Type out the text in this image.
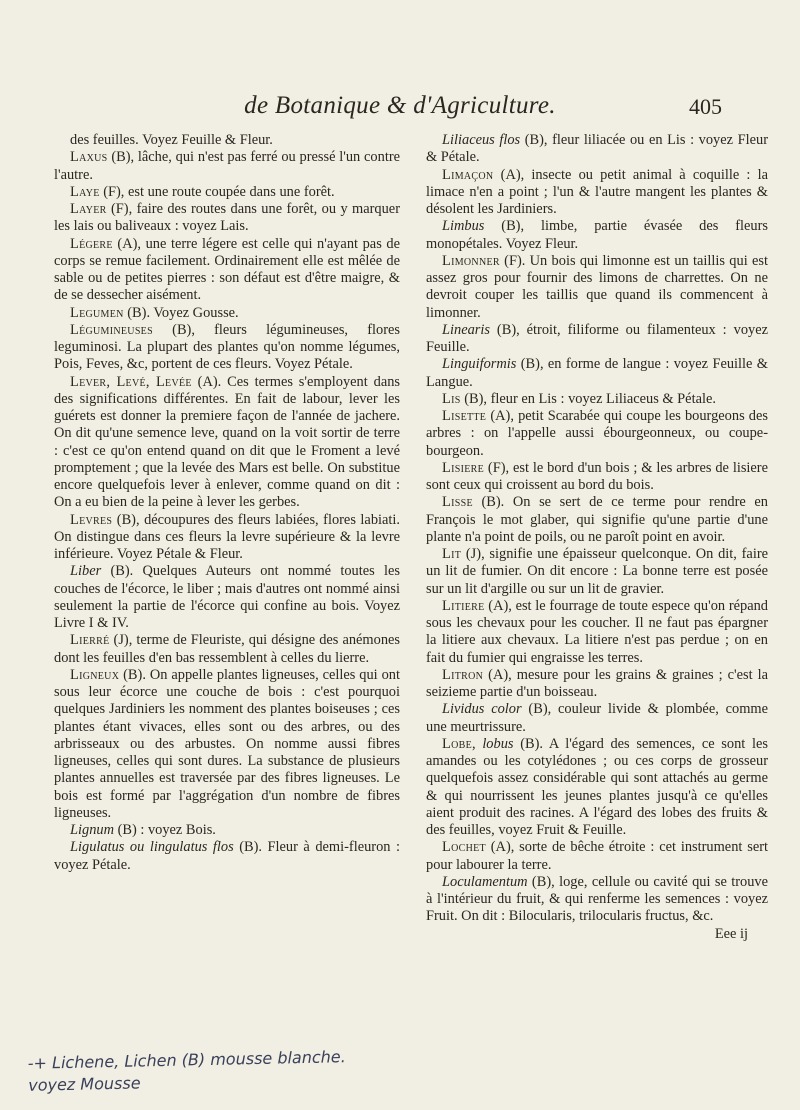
de Botanique & d'Agriculture.	405

des feuilles. Voyez Feuille & Fleur.

Laxus (B), lâche, qui n'est pas ferré ou pressé l'un contre l'autre.

Laye (F), est une route coupée dans une forêt.

Layer (F), faire des routes dans une forêt, ou y marquer les lais ou baliveaux : voyez Lais.

Légere (A), une terre légere est celle qui n'ayant pas de corps se remue facilement. Ordinairement elle est mêlée de sable ou de petites pierres : son défaut est d'être maigre, & de se dessecher aisément.

Legumen (B). Voyez Gousse.

Légumineuses (B), fleurs légumineuses, flores leguminosi. La plupart des plantes qu'on nomme légumes, Pois, Feves, &c, portent de ces fleurs. Voyez Pétale.

Lever, Levé, Levée (A). Ces termes s'employent dans des significations différentes. En fait de labour, lever les guérets est donner la premiere façon de l'année de jachere. On dit qu'une semence leve, quand on la voit sortir de terre : c'est ce qu'on entend quand on dit que le Froment a levé promptement ; que la levée des Mars est belle. On substitue encore quelquefois lever à enlever, comme quand on dit : On a eu bien de la peine à lever les gerbes.

Levres (B), découpures des fleurs labiées, flores labiati. On distingue dans ces fleurs la levre supérieure & la levre inférieure. Voyez Pétale & Fleur.

Liber (B). Quelques Auteurs ont nommé toutes les couches de l'écorce, le liber ; mais d'autres ont nommé ainsi seulement la partie de l'écorce qui confine au bois. Voyez Livre I & IV.

Lierré (J), terme de Fleuriste, qui désigne des anémones dont les feuilles d'en bas ressemblent à celles du lierre.

Ligneux (B). On appelle plantes ligneuses, celles qui ont sous leur écorce une couche de bois : c'est pourquoi quelques Jardiniers les nomment des plantes boiseuses ; ces plantes étant vivaces, elles sont ou des arbres, ou des arbrisseaux ou des arbustes. On nomme aussi fibres ligneuses, celles qui sont dures. La substance de plusieurs plantes annuelles est traversée par des fibres ligneuses. Le bois est formé par l'aggrégation d'un nombre de fibres ligneuses.

Lignum (B) : voyez Bois.

Ligulatus ou lingulatus flos (B). Fleur à demi-fleuron : voyez Pétale.

Liliaceus flos (B), fleur liliacée ou en Lis : voyez Fleur & Pétale.

Limaçon (A), insecte ou petit animal à coquille : la limace n'en a point ; l'un & l'autre mangent les plantes & désolent les Jardiniers.

Limbus (B), limbe, partie évasée des fleurs monopétales. Voyez Fleur.

Limonner (F). Un bois qui limonne est un taillis qui est assez gros pour fournir des limons de charrettes. On ne devroit couper les taillis que quand ils commencent à limonner.

Linearis (B), étroit, filiforme ou filamenteux : voyez Feuille.

Linguiformis (B), en forme de langue : voyez Feuille & Langue.

Lis (B), fleur en Lis : voyez Liliaceus & Pétale.

Lisette (A), petit Scarabée qui coupe les bourgeons des arbres : on l'appelle aussi ébourgeonneux, ou coupe-bourgeon.

Lisiere (F), est le bord d'un bois ; & les arbres de lisiere sont ceux qui croissent au bord du bois.

Lisse (B). On se sert de ce terme pour rendre en François le mot glaber, qui signifie qu'une partie d'une plante n'a point de poils, ou ne paroît point en avoir.

Lit (J), signifie une épaisseur quelconque. On dit, faire un lit de fumier. On dit encore : La bonne terre est posée sur un lit d'argille ou sur un lit de gravier.

Litiere (A), est le fourrage de toute espece qu'on répand sous les chevaux pour les coucher. Il ne faut pas épargner la litiere aux chevaux. La litiere n'est pas perdue ; on en fait du fumier qui engraisse les terres.

Litron (A), mesure pour les grains & graines ; c'est la seizieme partie d'un boisseau.

Lividus color (B), couleur livide & plombée, comme une meurtrissure.

Lobe, lobus (B). A l'égard des semences, ce sont les amandes ou les cotylédones ; ou ces corps de grosseur quelquefois assez considérable qui sont attachés au germe & qui nourrissent les jeunes plantes jusqu'à ce qu'elles aient produit des racines. A l'égard des lobes des fruits & des feuilles, voyez Fruit & Feuille.

Lochet (A), sorte de bêche étroite : cet instrument sert pour labourer la terre.

Loculamentum (B), loge, cellule ou cavité qui se trouve à l'intérieur du fruit, & qui renferme les semences : voyez Fruit. On dit : Bilocularis, trilocularis fructus, &c.

Eee ij

-+ Lichene, Lichen (B) mousse blanche.
voyez Mousse
